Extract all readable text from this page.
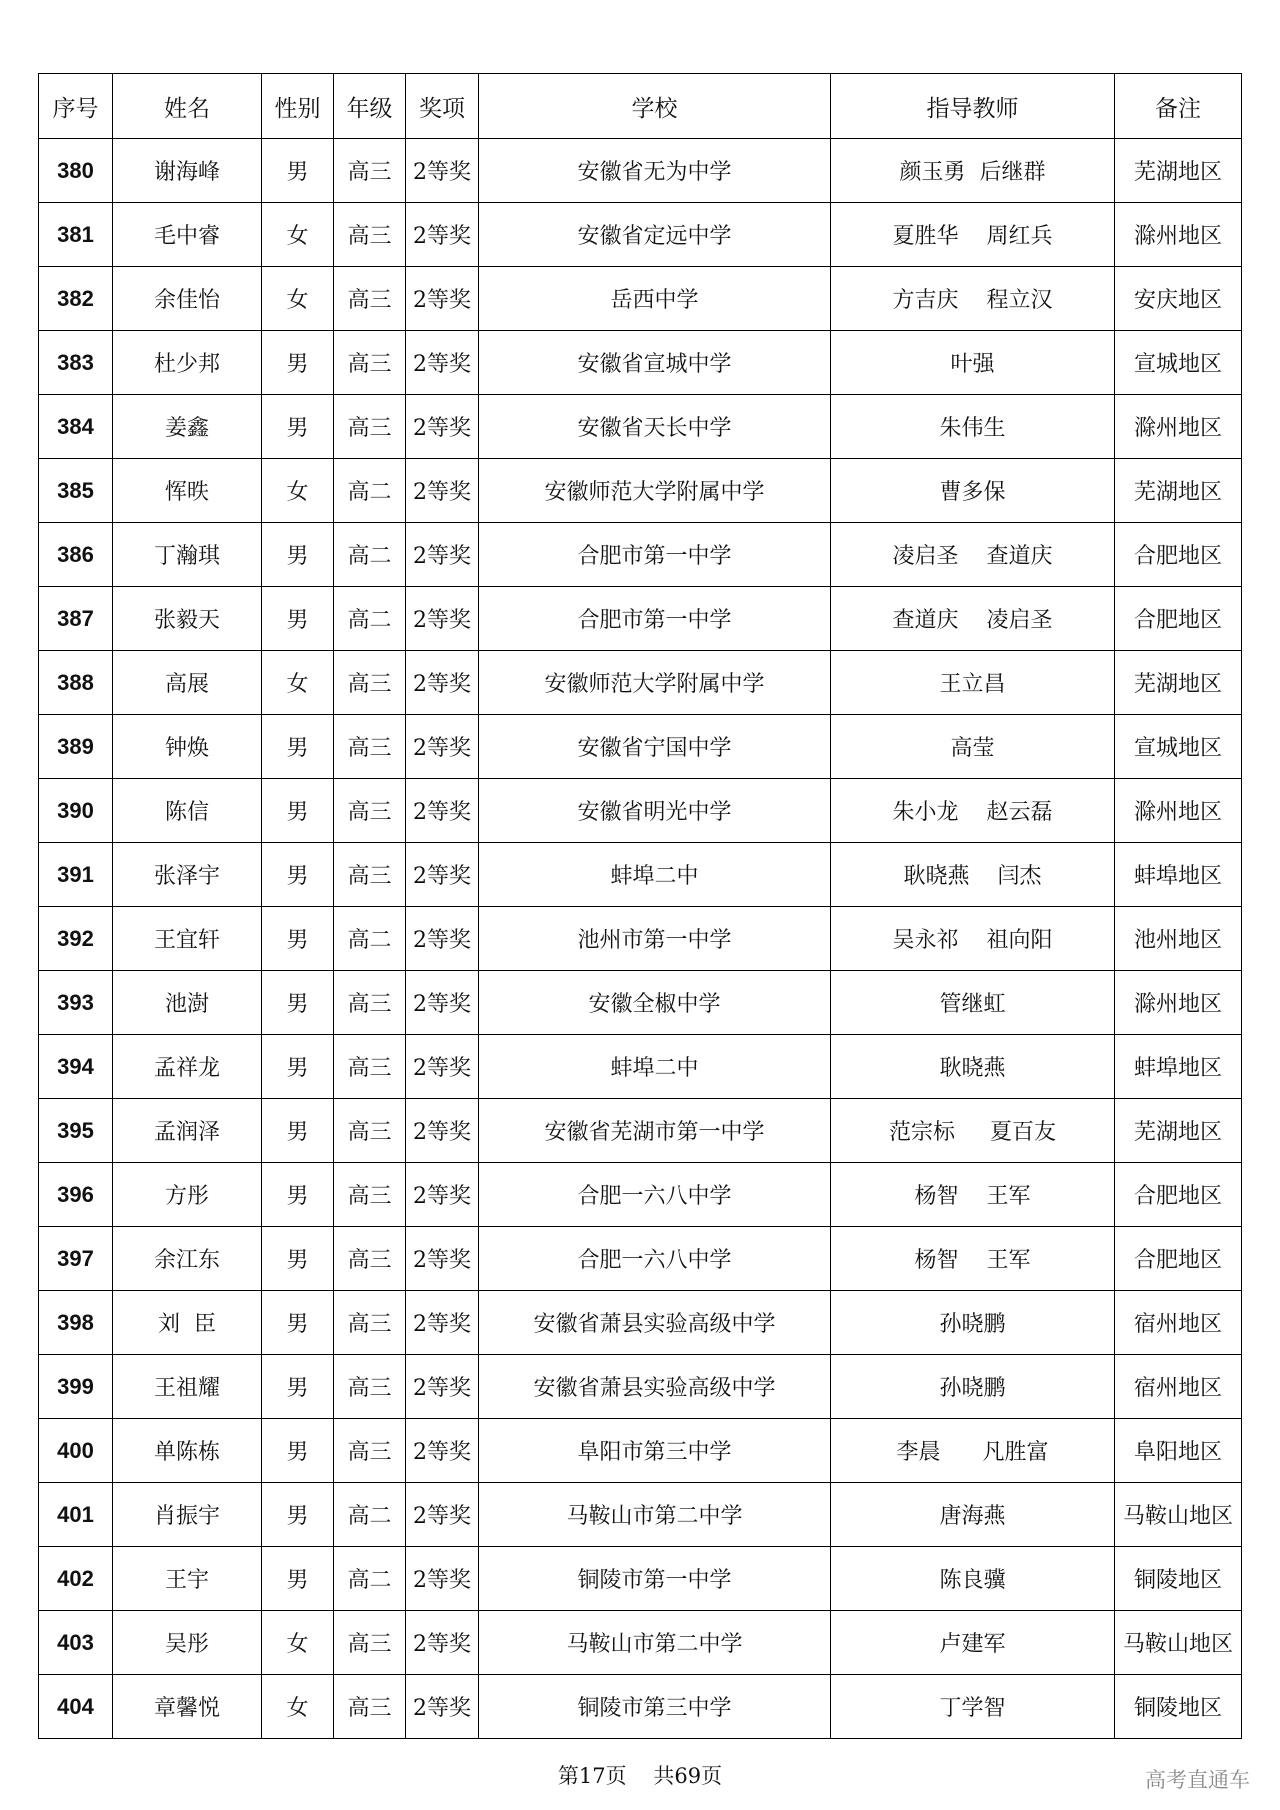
序号	姓名	性别	年级	奖项	学校	指导教师	备注
380	谢海峰	男	高三	2等奖	安徽省无为中学	颜玉勇  后继群	芜湖地区
381	毛中睿	女	高三	2等奖	安徽省定远中学	夏胜华    周红兵	滁州地区
382	余佳怡	女	高三	2等奖	岳西中学	方吉庆    程立汉	安庆地区
383	杜少邦	男	高三	2等奖	安徽省宣城中学	叶强	宣城地区
384	姜鑫	男	高三	2等奖	安徽省天长中学	朱伟生	滁州地区
385	恽昳	女	高二	2等奖	安徽师范大学附属中学	曹多保	芜湖地区
386	丁瀚琪	男	高二	2等奖	合肥市第一中学	凌启圣    查道庆	合肥地区
387	张毅天	男	高二	2等奖	合肥市第一中学	查道庆    凌启圣	合肥地区
388	高展	女	高三	2等奖	安徽师范大学附属中学	王立昌	芜湖地区
389	钟焕	男	高三	2等奖	安徽省宁国中学	高莹	宣城地区
390	陈信	男	高三	2等奖	安徽省明光中学	朱小龙    赵云磊	滁州地区
391	张泽宇	男	高三	2等奖	蚌埠二中	耿晓燕    闫杰	蚌埠地区
392	王宜轩	男	高二	2等奖	池州市第一中学	吴永祁    祖向阳	池州地区
393	池澍	男	高三	2等奖	安徽全椒中学	管继虹	滁州地区
394	孟祥龙	男	高三	2等奖	蚌埠二中	耿晓燕	蚌埠地区
395	孟润泽	男	高三	2等奖	安徽省芜湖市第一中学	范宗标     夏百友	芜湖地区
396	方彤	男	高三	2等奖	合肥一六八中学	杨智    王军	合肥地区
397	余江东	男	高三	2等奖	合肥一六八中学	杨智    王军	合肥地区
398	刘  臣	男	高三	2等奖	安徽省萧县实验高级中学	孙晓鹏	宿州地区
399	王祖耀	男	高三	2等奖	安徽省萧县实验高级中学	孙晓鹏	宿州地区
400	单陈栋	男	高三	2等奖	阜阳市第三中学	李晨      凡胜富	阜阳地区
401	肖振宇	男	高二	2等奖	马鞍山市第二中学	唐海燕	马鞍山地区
402	王宇	男	高二	2等奖	铜陵市第一中学	陈良骥	铜陵地区
403	吴彤	女	高三	2等奖	马鞍山市第二中学	卢建军	马鞍山地区
404	章馨悦	女	高三	2等奖	铜陵市第三中学	丁学智	铜陵地区
第17页    共69页	高考直通车
